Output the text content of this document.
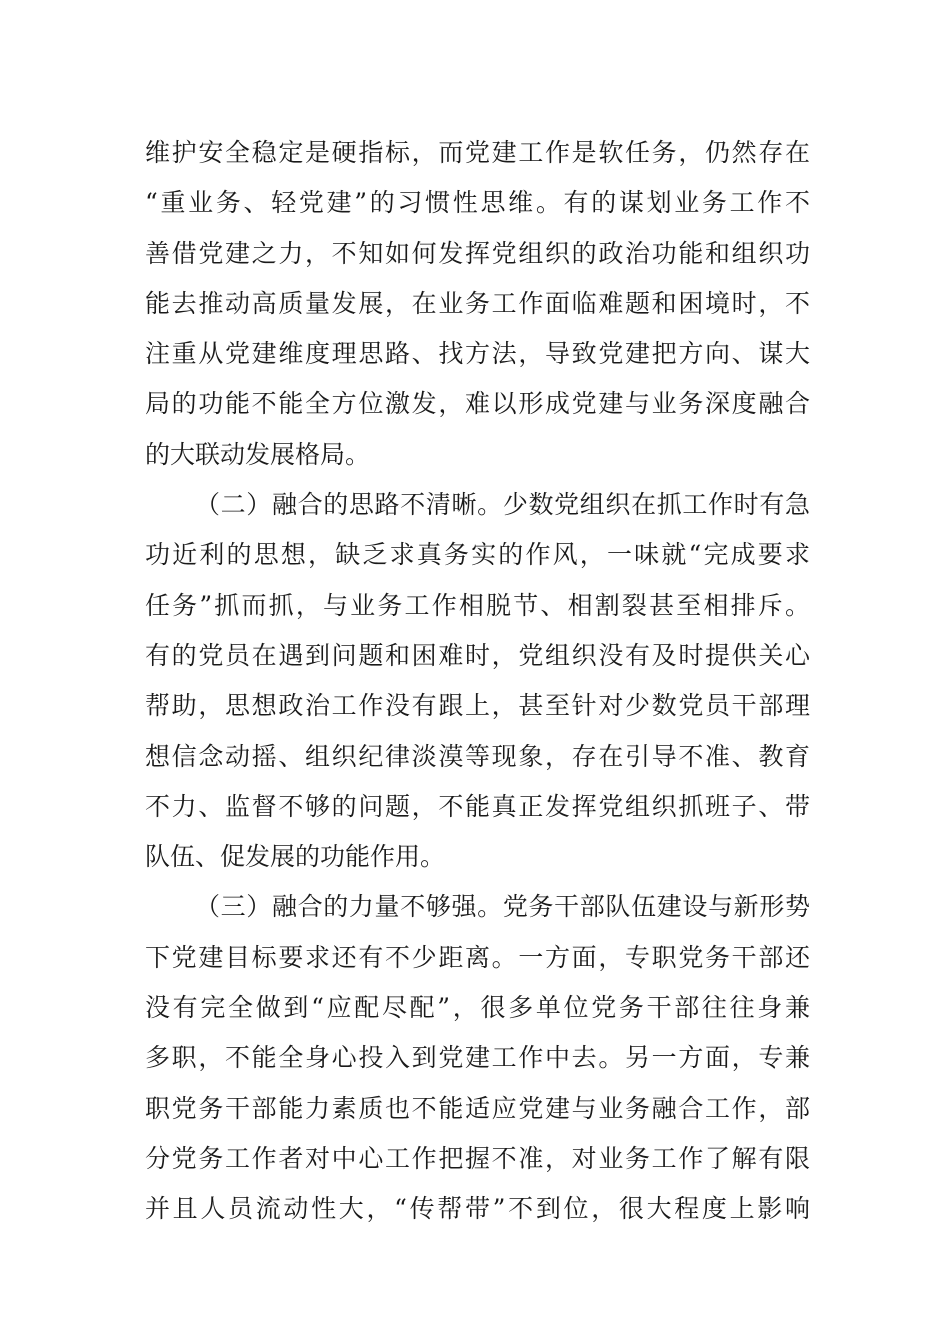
维护安全稳定是硬指标，而党建工作是软任务，仍然存在
“重业务、轻党建”的习惯性思维。有的谋划业务工作不
善借党建之力，不知如何发挥党组织的政治功能和组织功
能去推动高质量发展，在业务工作面临难题和困境时，不
注重从党建维度理思路、找方法，导致党建把方向、谋大
局的功能不能全方位激发，难以形成党建与业务深度融合
的大联动发展格局。
（二）融合的思路不清晰。少数党组织在抓工作时有急
功近利的思想，缺乏求真务实的作风，一味就“完成要求
任务”抓而抓，与业务工作相脱节、相割裂甚至相排斥。
有的党员在遇到问题和困难时，党组织没有及时提供关心
帮助，思想政治工作没有跟上，甚至针对少数党员干部理
想信念动摇、组织纪律淡漠等现象，存在引导不准、教育
不力、监督不够的问题，不能真正发挥党组织抓班子、带
队伍、促发展的功能作用。
（三）融合的力量不够强。党务干部队伍建设与新形势
下党建目标要求还有不少距离。一方面，专职党务干部还
没有完全做到“应配尽配”，很多单位党务干部往往身兼
多职，不能全身心投入到党建工作中去。另一方面，专兼
职党务干部能力素质也不能适应党建与业务融合工作，部
分党务工作者对中心工作把握不准，对业务工作了解有限
并且人员流动性大，“传帮带”不到位，很大程度上影响
